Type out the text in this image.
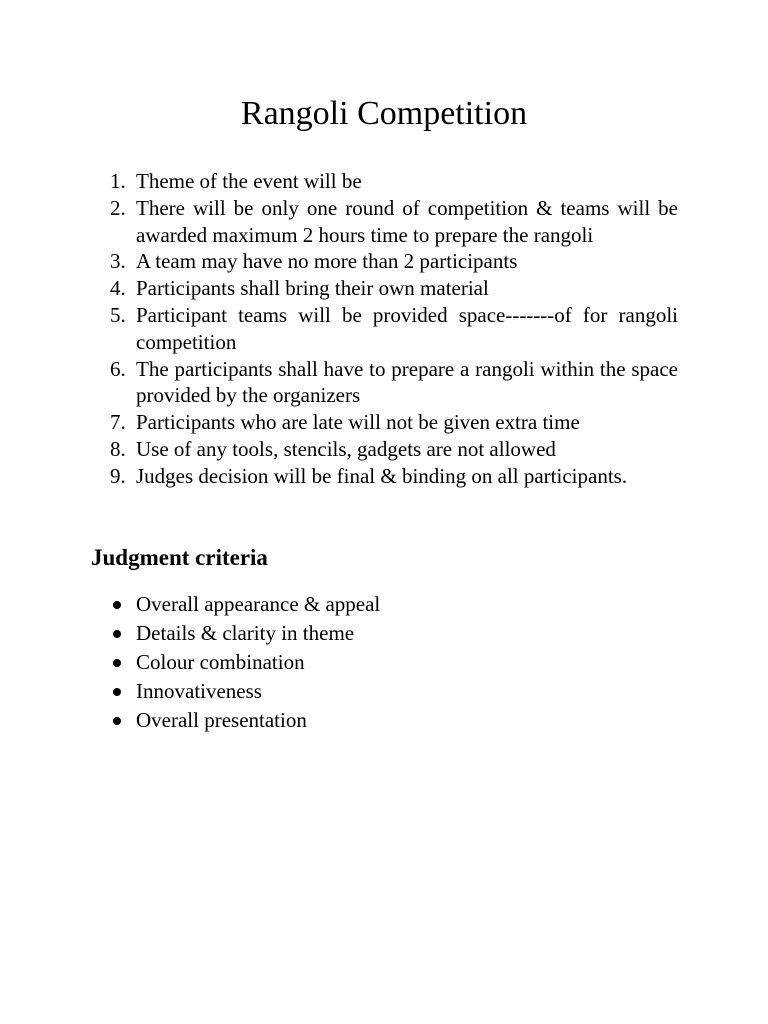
Rangoli Competition
1. Theme of the event will be
2. There will be only one round of competition & teams will be awarded maximum 2 hours time to prepare the rangoli
3. A team may have no more than 2 participants
4. Participants shall bring their own material
5. Participant teams will be provided space-------of for rangoli competition
6. The participants shall have to prepare a rangoli within the space provided by the organizers
7. Participants who are late will not be given extra time
8. Use of any tools, stencils, gadgets are not allowed
9. Judges decision will be final & binding on all participants.
Judgment criteria
Overall appearance & appeal
Details & clarity in theme
Colour combination
Innovativeness
Overall presentation
